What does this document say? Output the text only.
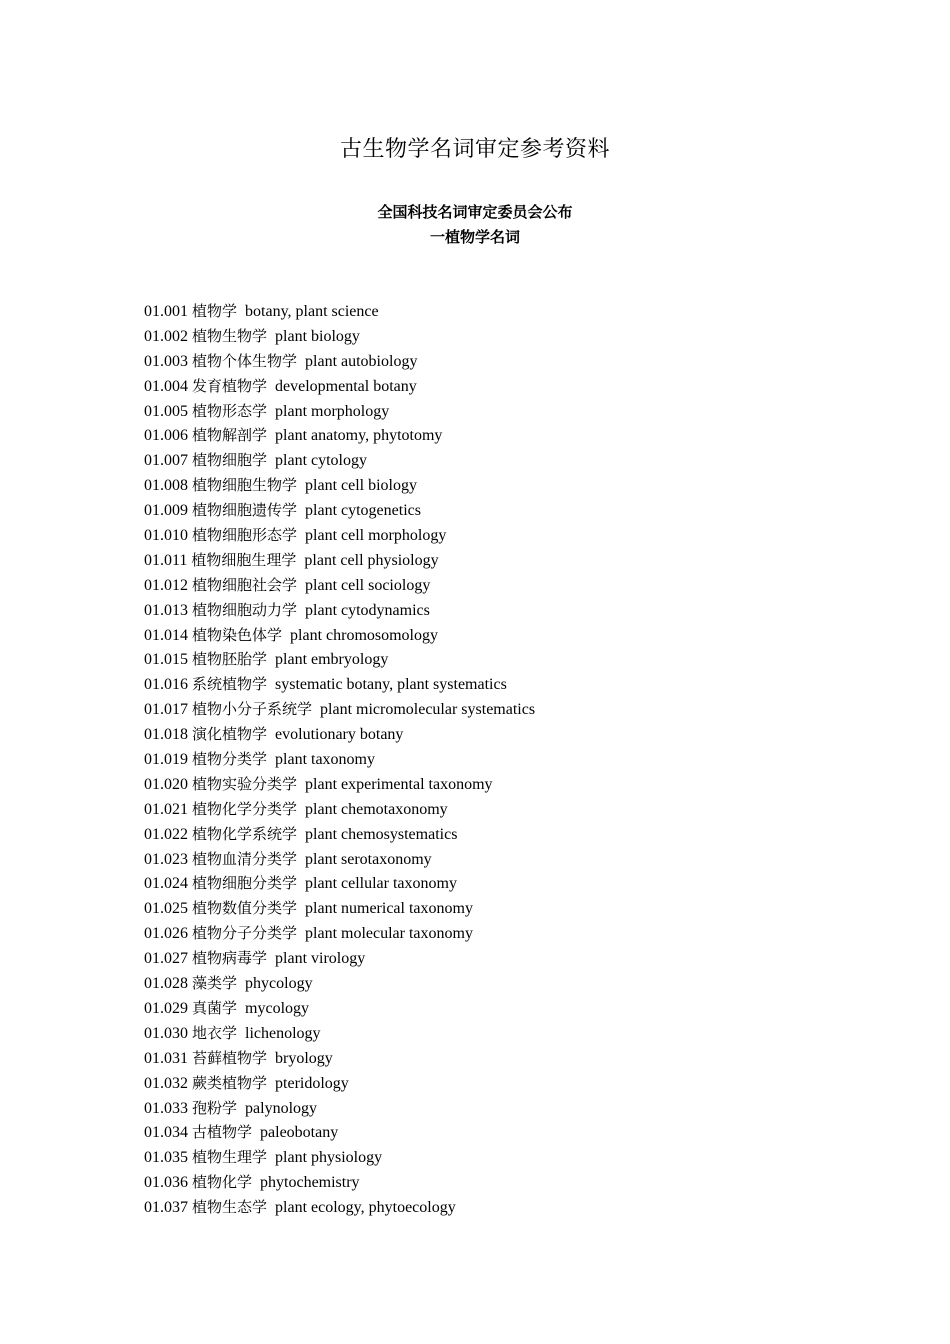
古生物学名词审定参考资料
全国科技名词审定委员会公布
一植物学名词
01.001 植物学 botany, plant science
01.002 植物生物学 plant biology
01.003 植物个体生物学 plant autobiology
01.004 发育植物学 developmental botany
01.005 植物形态学 plant morphology
01.006 植物解剖学 plant anatomy, phytotomy
01.007 植物细胞学 plant cytology
01.008 植物细胞生物学 plant cell biology
01.009 植物细胞遗传学 plant cytogenetics
01.010 植物细胞形态学 plant cell morphology
01.011 植物细胞生理学 plant cell physiology
01.012 植物细胞社会学 plant cell sociology
01.013 植物细胞动力学 plant cytodynamics
01.014 植物染色体学 plant chromosomology
01.015 植物胚胎学 plant embryology
01.016 系统植物学 systematic botany, plant systematics
01.017 植物小分子系统学 plant micromolecular systematics
01.018 演化植物学 evolutionary botany
01.019 植物分类学 plant taxonomy
01.020 植物实验分类学 plant experimental taxonomy
01.021 植物化学分类学 plant chemotaxonomy
01.022 植物化学系统学 plant chemosystematics
01.023 植物血清分类学 plant serotaxonomy
01.024 植物细胞分类学 plant cellular taxonomy
01.025 植物数值分类学 plant numerical taxonomy
01.026 植物分子分类学 plant molecular taxonomy
01.027 植物病毒学 plant virology
01.028 藻类学 phycology
01.029 真菌学 mycology
01.030 地衣学 lichenology
01.031 苔藓植物学 bryology
01.032 蕨类植物学 pteridology
01.033 孢粉学 palynology
01.034 古植物学 paleobotany
01.035 植物生理学 plant physiology
01.036 植物化学 phytochemistry
01.037 植物生态学 plant ecology, phytoecology
